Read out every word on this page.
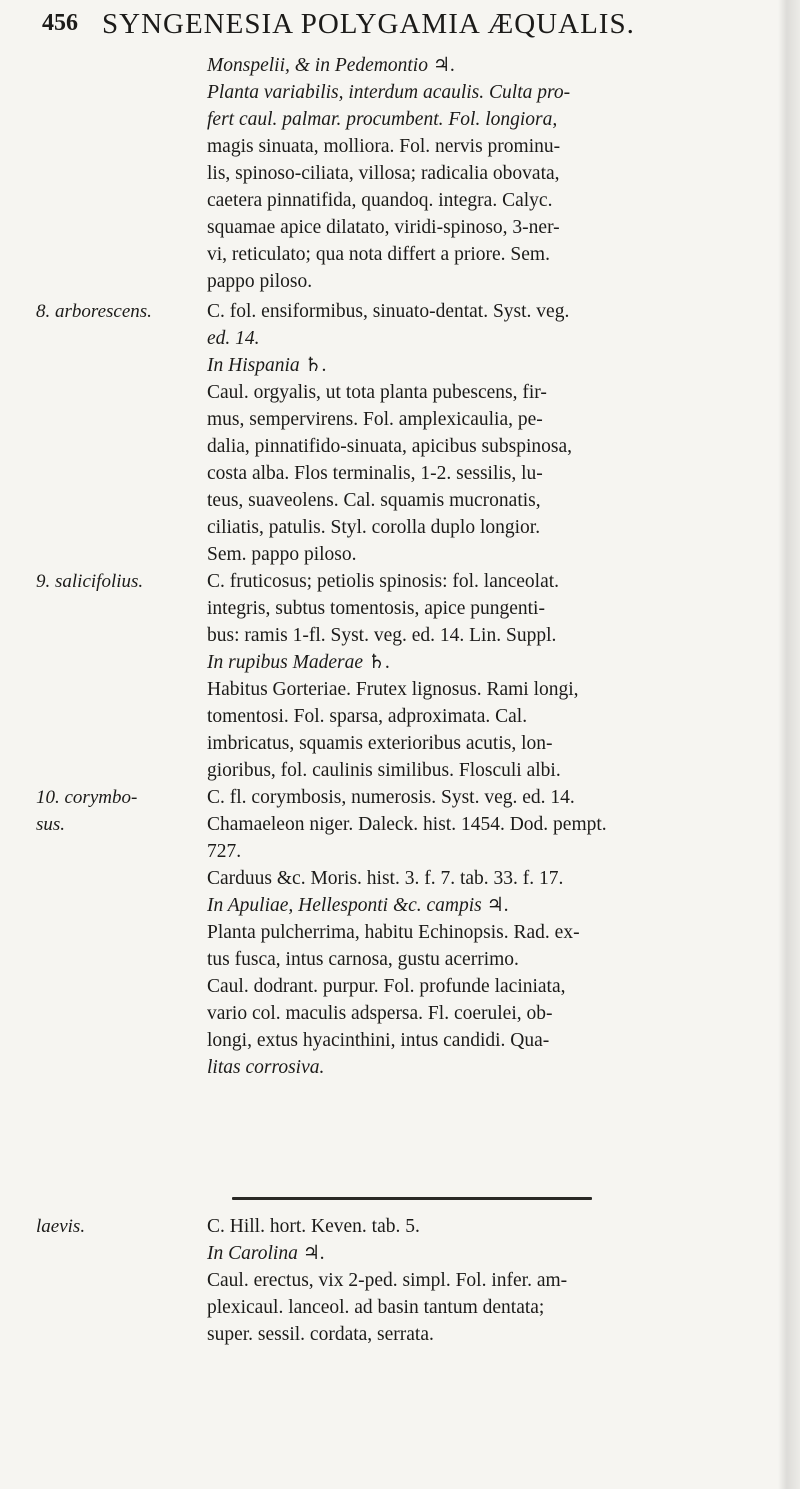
456 SYNGENESIA POLYGAMIA ÆQUALIS.
Monspelii, & in Pedemontio ♃.
Planta variabilis, interdum acaulis. Culta pro-
fert caul. palmar. procumbent. Fol. longiora,
magis sinuata, molliora. Fol. nervis prominu-
lis, spinoso-ciliata, villosa; radicalia obovata,
caetera pinnatifida, quandoq. integra. Calyc.
squamae apice dilatato, viridi-spinoso, 3-ner-
vi, reticulato; qua nota differt a priore. Sem.
pappo piloso.
8. arborescens.	C. fol. ensiformibus, sinuato-dentat. Syst. veg.
ed. 14.
In Hispania ♄.
Caul. orgyalis, ut tota planta pubescens, fir-
mus, sempervirens. Fol. amplexicaulia, pe-
dalia, pinnatifido-sinuata, apicibus subspinosa,
costa alba. Flos terminalis, 1-2. sessilis, lu-
teus, suaveolens. Cal. squamis mucronatis,
ciliatis, patulis. Styl. corolla duplo longior.
Sem. pappo piloso.
9. salicifolius.	C. fruticosus; petiolis spinosis: fol. lanceolat.
integris, subtus tomentosis, apice pungenti-
bus: ramis 1-fl. Syst. veg. ed. 14. Lin. Suppl.
In rupibus Maderae ♄.
Habitus Gorteriae. Frutex lignosus. Rami longi,
tomentosi. Fol. sparsa, adproximata. Cal.
imbricatus, squamis exterioribus acutis, lon-
gioribus, fol. caulinis similibus. Flosculi albi.
10. corymbo-
sus.
C. fl. corymbosis, numerosis. Syst. veg. ed. 14.
Chamaeleon niger. Daleck. hist. 1454. Dod. pempt.
727.
Carduus &c. Moris. hist. 3. f. 7. tab. 33. f. 17.
In Apuliae, Hellesponti &c. campis ♃.
Planta pulcherrima, habitu Echinopsis. Rad. ex-
tus fusca, intus carnosa, gustu acerrimo.
Caul. dodrant. purpur. Fol. profunde laciniata,
vario col. maculis adspersa. Fl. coerulei, ob-
longi, extus hyacinthini, intus candidi. Qua-
litas corrosiva.
laevis.	C. Hill. hort. Keven. tab. 5.
In Carolina ♃.
Caul. erectus, vix 2-ped. simpl. Fol. infer. am-
plexicaul. lanceol. ad basin tantum dentata;
super. sessil. cordata, serrata.
